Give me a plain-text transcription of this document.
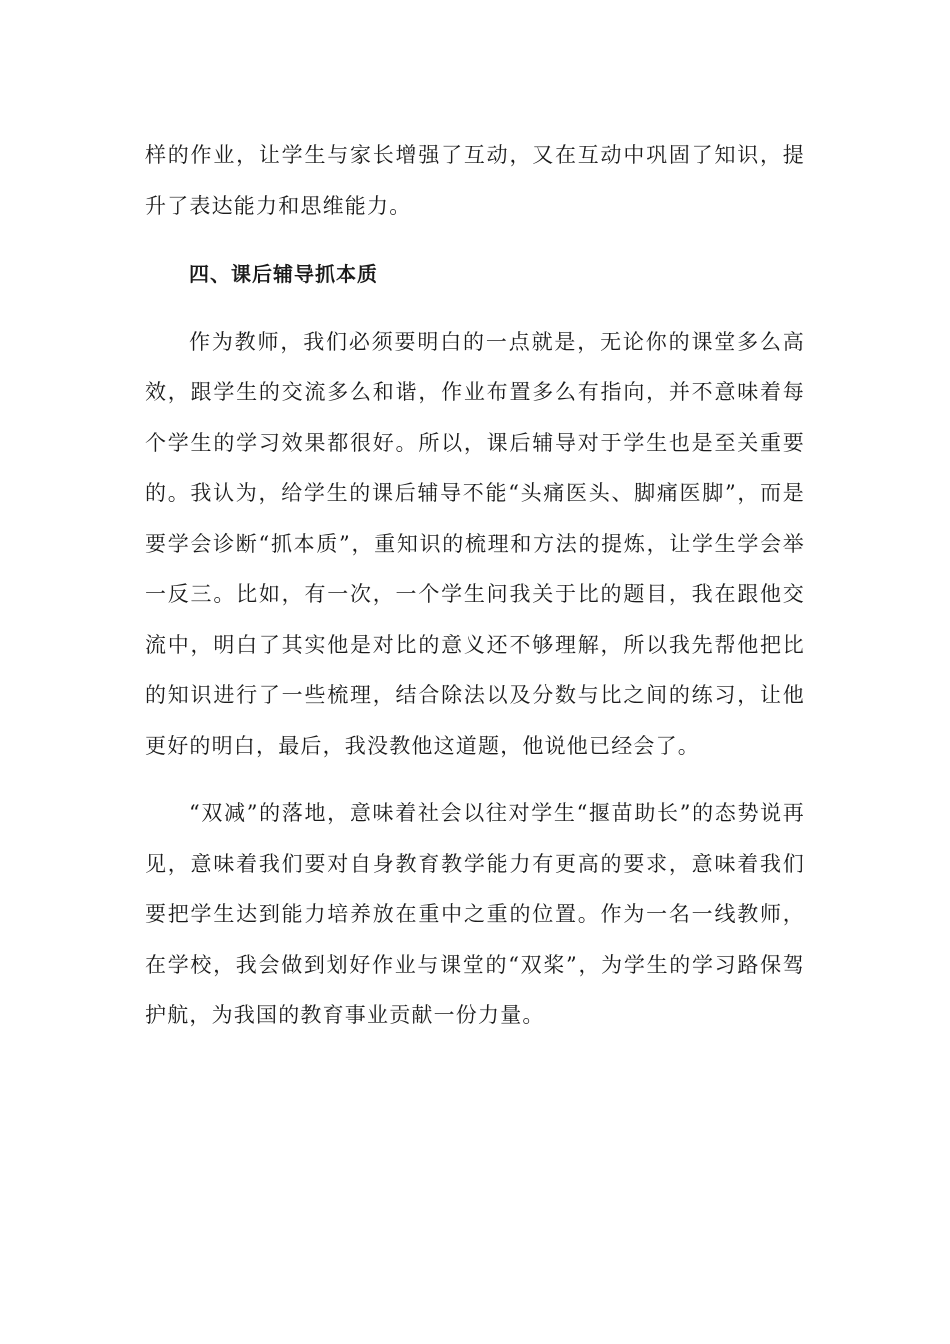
样的作业，让学生与家长增强了互动，又在互动中巩固了知识，提升了表达能力和思维能力。

四、课后辅导抓本质

作为教师，我们必须要明白的一点就是，无论你的课堂多么高效，跟学生的交流多么和谐，作业布置多么有指向，并不意味着每个学生的学习效果都很好。所以，课后辅导对于学生也是至关重要的。我认为，给学生的课后辅导不能“头痛医头、脚痛医脚”，而是要学会诊断“抓本质”，重知识的梳理和方法的提炼，让学生学会举一反三。比如，有一次，一个学生问我关于比的题目，我在跟他交流中，明白了其实他是对比的意义还不够理解，所以我先帮他把比的知识进行了一些梳理，结合除法以及分数与比之间的练习，让他更好的明白，最后，我没教他这道题，他说他已经会了。

“双减”的落地，意味着社会以往对学生“揠苗助长”的态势说再见，意味着我们要对自身教育教学能力有更高的要求，意味着我们要把学生达到能力培养放在重中之重的位置。作为一名一线教师，在学校，我会做到划好作业与课堂的“双桨”，为学生的学习路保驾护航，为我国的教育事业贡献一份力量。
